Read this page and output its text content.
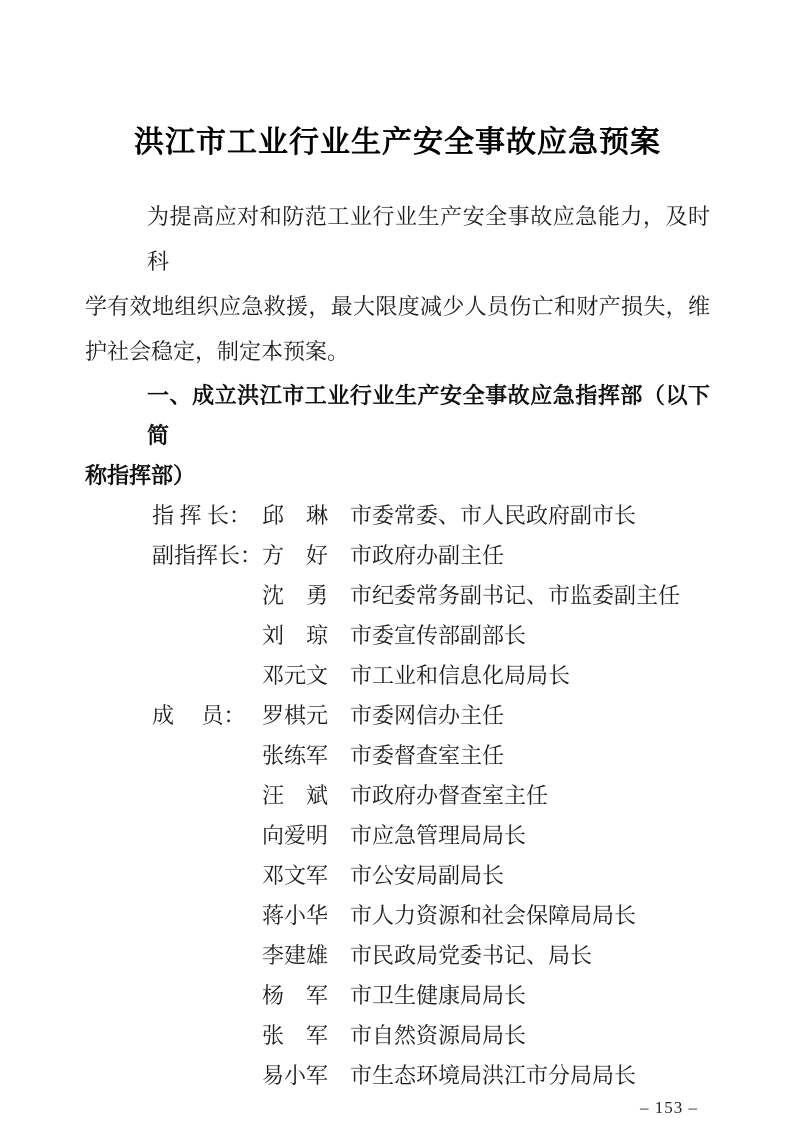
洪江市工业行业生产安全事故应急预案
为提高应对和防范工业行业生产安全事故应急能力，及时科
学有效地组织应急救援，最大限度减少人员伤亡和财产损失，维
护社会稳定，制定本预案。
一、成立洪江市工业行业生产安全事故应急指挥部（以下简
称指挥部）
指 挥 长： 邱　琳 市委常委、市人民政府副市长
副指挥长： 方　好 市政府办副主任
沈　勇 市纪委常务副书记、市监委副主任
刘　琼 市委宣传部副部长
邓元文 市工业和信息化局局长
成　 员： 罗棋元 市委网信办主任
张练军 市委督查室主任
汪　斌 市政府办督查室主任
向爱明 市应急管理局局长
邓文军 市公安局副局长
蒋小华 市人力资源和社会保障局局长
李建雄 市民政局党委书记、局长
杨　军 市卫生健康局局长
张　军 市自然资源局局长
易小军 市生态环境局洪江市分局局长
– 153 –
